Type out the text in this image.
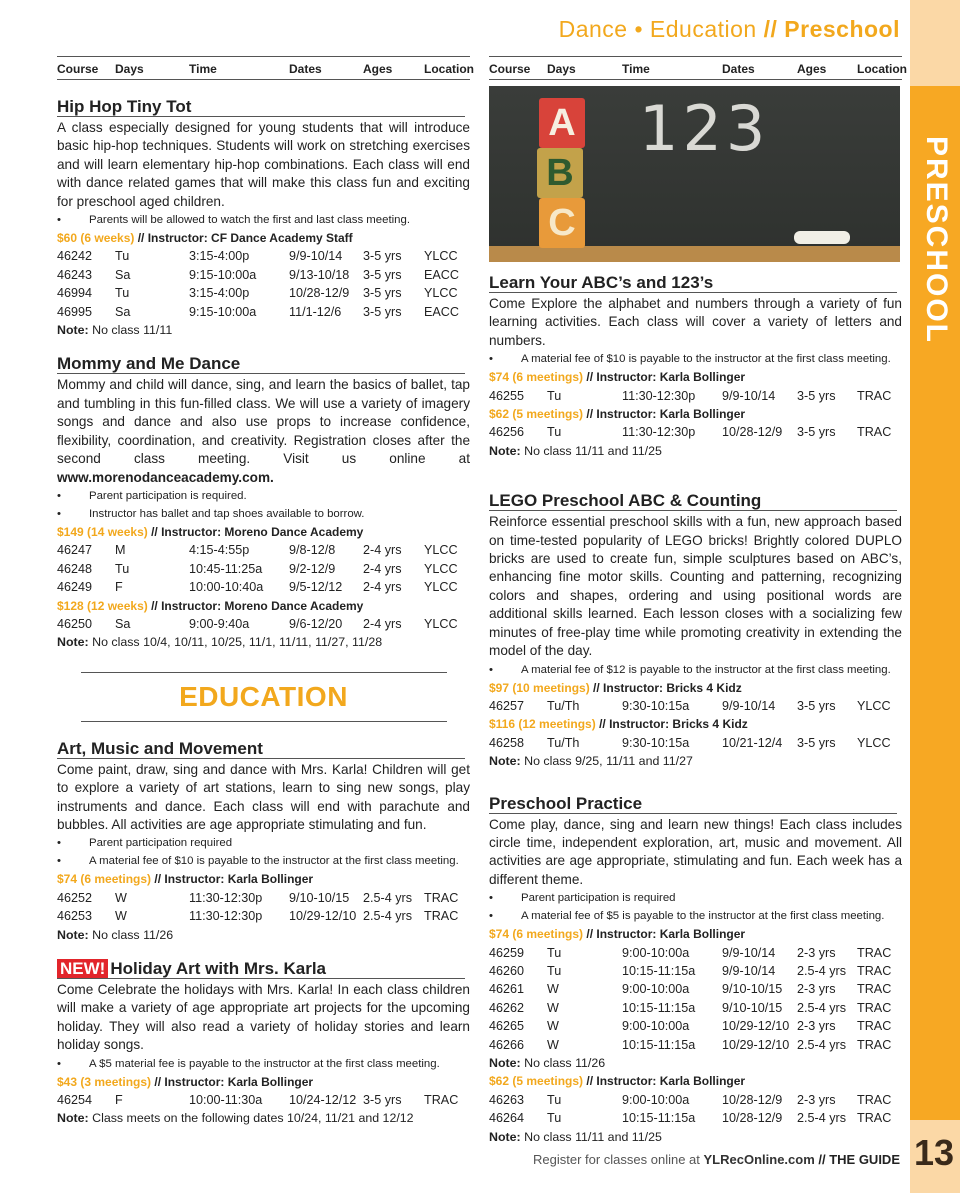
Dance • Education // Preschool
PRESCHOOL
13
Course	Days	Time	Dates	Ages	Location
Hip Hop Tiny Tot

A class especially designed for young students that will introduce basic hip-hop techniques. Students will work on stretching exercises and will learn elementary hip-hop combinations. Each class will end with dance related games that will make this class fun and exciting for preschool aged children.

•	Parents will be allowed to watch the first and last class meeting.
$60 (6 weeks) // Instructor: CF Dance Academy Staff
46242	Tu	3:15-4:00p	9/9-10/14	3-5 yrs	YLCC
46243	Sa	9:15-10:00a	9/13-10/18	3-5 yrs	EACC
46994	Tu	3:15-4:00p	10/28-12/9	3-5 yrs	YLCC
46995	Sa	9:15-10:00a	11/1-12/6	3-5 yrs	EACC
Note: No class 11/11
Mommy and Me Dance

Mommy and child will dance, sing, and learn the basics of ballet, tap and tumbling in this fun-filled class. We will use a variety of imagery songs and dance and also use props to increase confidence, flexibility, coordination, and creativity. Registration closes after the second class meeting. Visit us online at www.morenodanceacademy.com.

•	Parent participation is required.
•	Instructor has ballet and tap shoes available to borrow.
$149 (14 weeks) // Instructor: Moreno Dance Academy
46247	M	4:15-4:55p	9/8-12/8	2-4 yrs	YLCC
46248	Tu	10:45-11:25a	9/2-12/9	2-4 yrs	YLCC
46249	F	10:00-10:40a	9/5-12/12	2-4 yrs	YLCC
$128 (12 weeks) // Instructor: Moreno Dance Academy
46250	Sa	9:00-9:40a	9/6-12/20	2-4 yrs	YLCC
Note: No class 10/4, 10/11, 10/25, 11/1, 11/11, 11/27, 11/28
EDUCATION
Art, Music and Movement

Come paint, draw, sing and dance with Mrs. Karla! Children will get to explore a variety of art stations, learn to sing new songs, play instruments and dance. Each class will end with parachute and bubbles. All activities are age appropriate stimulating and fun.

•	Parent participation required
•	A material fee of $10 is payable to the instructor at the first class meeting.
$74 (6 meetings) // Instructor: Karla Bollinger
46252	W	11:30-12:30p	9/10-10/15	2.5-4 yrs TRAC
46253	W	11:30-12:30p	10/29-12/10 2.5-4 yrs TRAC
Note: No class 11/26
NEW! Holiday Art with Mrs. Karla

Come Celebrate the holidays with Mrs. Karla! In each class children will make a variety of age appropriate art projects for the upcoming holiday. They will also read a variety of holiday stories and learn holiday songs.

•	A $5 material fee is payable to the instructor at the first class meeting.
$43 (3 meetings) // Instructor: Karla Bollinger
46254	F	10:00-11:30a	10/24-12/12 3-5 yrs	TRAC
Note: Class meets on the following dates 10/24, 11/21 and 12/12
Course	Days	Time	Dates	Ages	Location
123
A
B
C
Learn Your ABC’s and 123’s

Come Explore the alphabet and numbers through a variety of fun learning activities. Each class will cover a variety of letters and numbers.

•	A material fee of $10 is payable to the instructor at the first class meeting.
$74 (6 meetings) // Instructor: Karla Bollinger
46255	Tu	11:30-12:30p	9/9-10/14	3-5 yrs	TRAC
$62 (5 meetings) // Instructor: Karla Bollinger
46256	Tu	11:30-12:30p	10/28-12/9	3-5 yrs	TRAC
Note: No class 11/11 and 11/25
LEGO Preschool ABC & Counting

Reinforce essential preschool skills with a fun, new approach based on time-tested popularity of LEGO bricks! Brightly colored DUPLO bricks are used to create fun, simple sculptures based on ABC’s, enhancing fine motor skills. Counting and patterning, recognizing colors and shapes, ordering and using positional words are additional skills learned. Each lesson closes with a socializing few minutes of free-play time while promoting creativity in extending the model of the day.

•	A material fee of $12 is payable to the instructor at the first class meeting.
$97 (10 meetings) // Instructor: Bricks 4 Kidz
46257	Tu/Th	9:30-10:15a	9/9-10/14	3-5 yrs	YLCC
$116 (12 meetings) // Instructor: Bricks 4 Kidz
46258	Tu/Th	9:30-10:15a	10/21-12/4	3-5 yrs	YLCC
Note: No class 9/25, 11/11 and 11/27
Preschool Practice

Come play, dance, sing and learn new things! Each class includes circle time, independent exploration, art, music and movement. All activities are age appropriate, stimulating and fun. Each week has a different theme.

•	Parent participation is required
•	A material fee of $5 is payable to the instructor at the first class meeting.
$74 (6 meetings) // Instructor: Karla Bollinger
46259	Tu	9:00-10:00a	9/9-10/14	2-3 yrs	TRAC
46260	Tu	10:15-11:15a	9/9-10/14	2.5-4 yrs TRAC
46261	W	9:00-10:00a	9/10-10/15	2-3 yrs	TRAC
46262	W	10:15-11:15a	9/10-10/15	2.5-4 yrs TRAC
46265	W	9:00-10:00a	10/29-12/10 2-3 yrs	TRAC
46266	W	10:15-11:15a	10/29-12/10 2.5-4 yrs TRAC
Note: No class 11/26
$62 (5 meetings) // Instructor: Karla Bollinger
46263	Tu	9:00-10:00a	10/28-12/9	2-3 yrs	TRAC
46264	Tu	10:15-11:15a	10/28-12/9	2.5-4 yrs TRAC
Note: No class 11/11 and 11/25
Register for classes online at YLRecOnline.com // THE GUIDE
